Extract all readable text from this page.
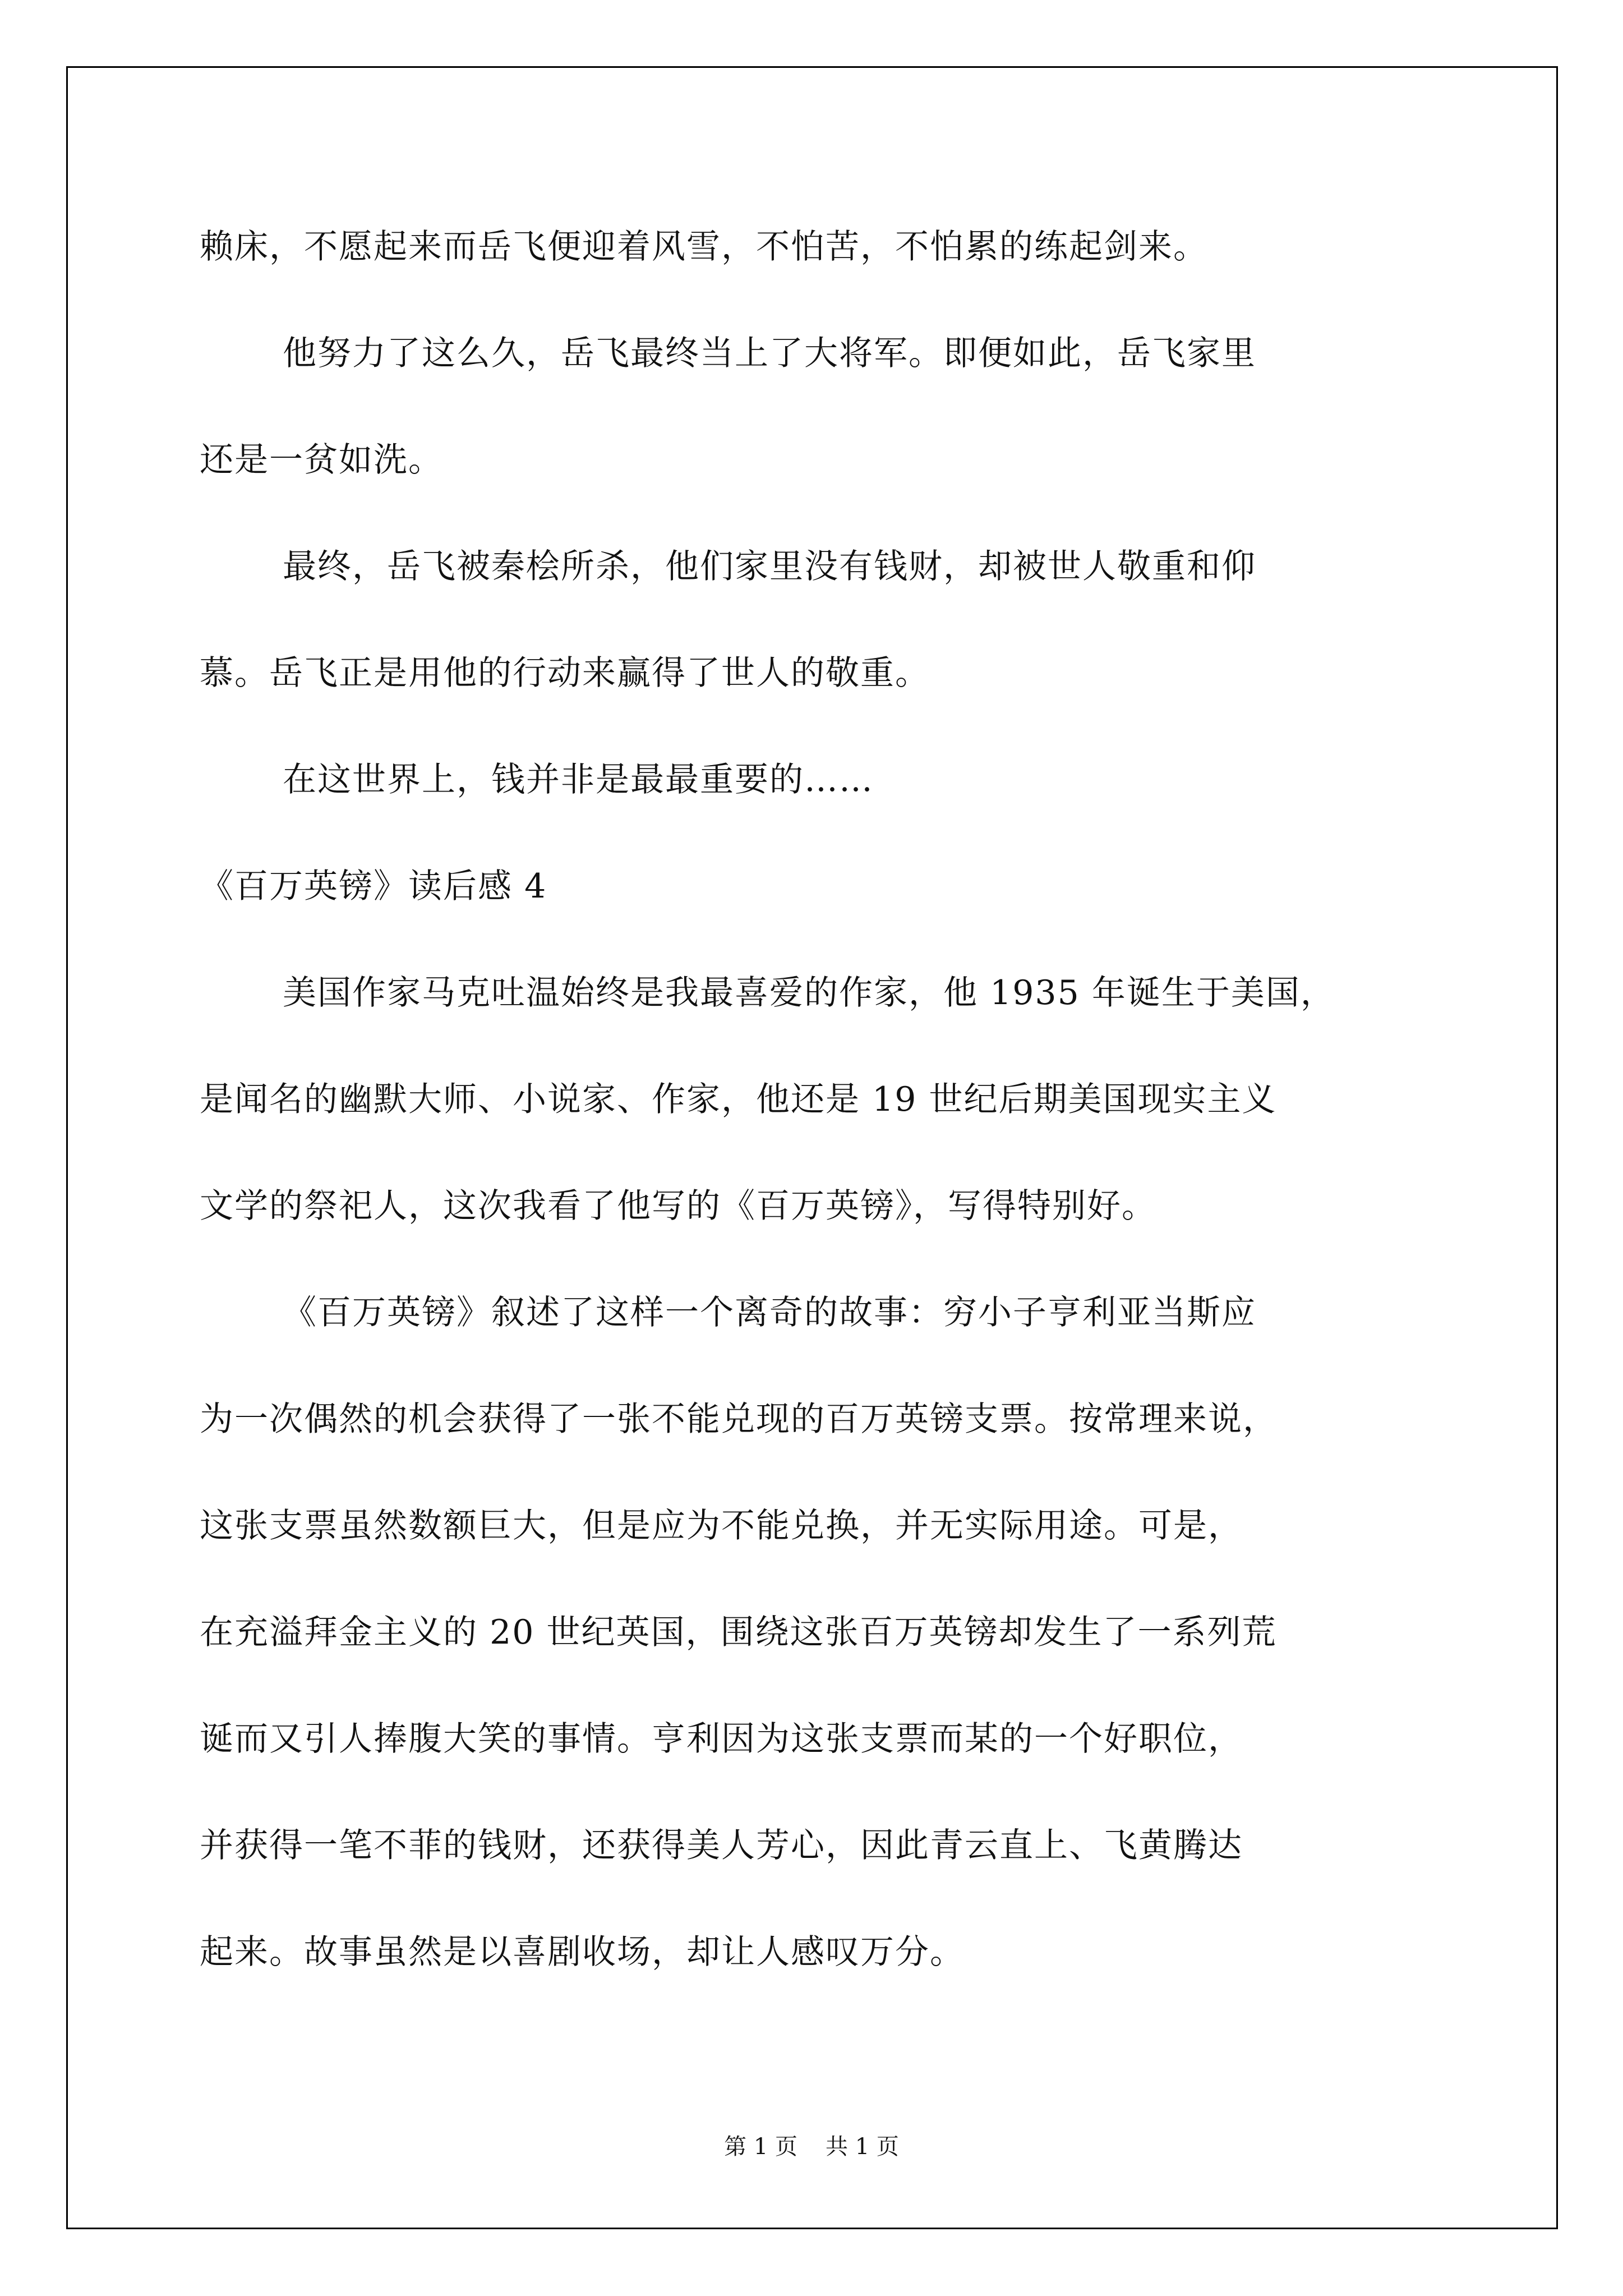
赖床，不愿起来而岳飞便迎着风雪，不怕苦，不怕累的练起剑来。
他努力了这么久，岳飞最终当上了大将军。即便如此，岳飞家里
还是一贫如洗。
最终，岳飞被秦桧所杀，他们家里没有钱财，却被世人敬重和仰
慕。岳飞正是用他的行动来赢得了世人的敬重。
在这世界上，钱并非是最最重要的……
《百万英镑》读后感 4
美国作家马克吐温始终是我最喜爱的作家，他 1935 年诞生于美国，
是闻名的幽默大师、小说家、作家，他还是 19 世纪后期美国现实主义
文学的祭祀人，这次我看了他写的《百万英镑》，写得特别好。
《百万英镑》叙述了这样一个离奇的故事：穷小子亨利亚当斯应
为一次偶然的机会获得了一张不能兑现的百万英镑支票。按常理来说，
这张支票虽然数额巨大，但是应为不能兑换，并无实际用途。可是，
在充溢拜金主义的 20 世纪英国，围绕这张百万英镑却发生了一系列荒
诞而又引人捧腹大笑的事情。亨利因为这张支票而某的一个好职位，
并获得一笔不菲的钱财，还获得美人芳心，因此青云直上、飞黄腾达
起来。故事虽然是以喜剧收场，却让人感叹万分。
第 1 页 共 1 页
